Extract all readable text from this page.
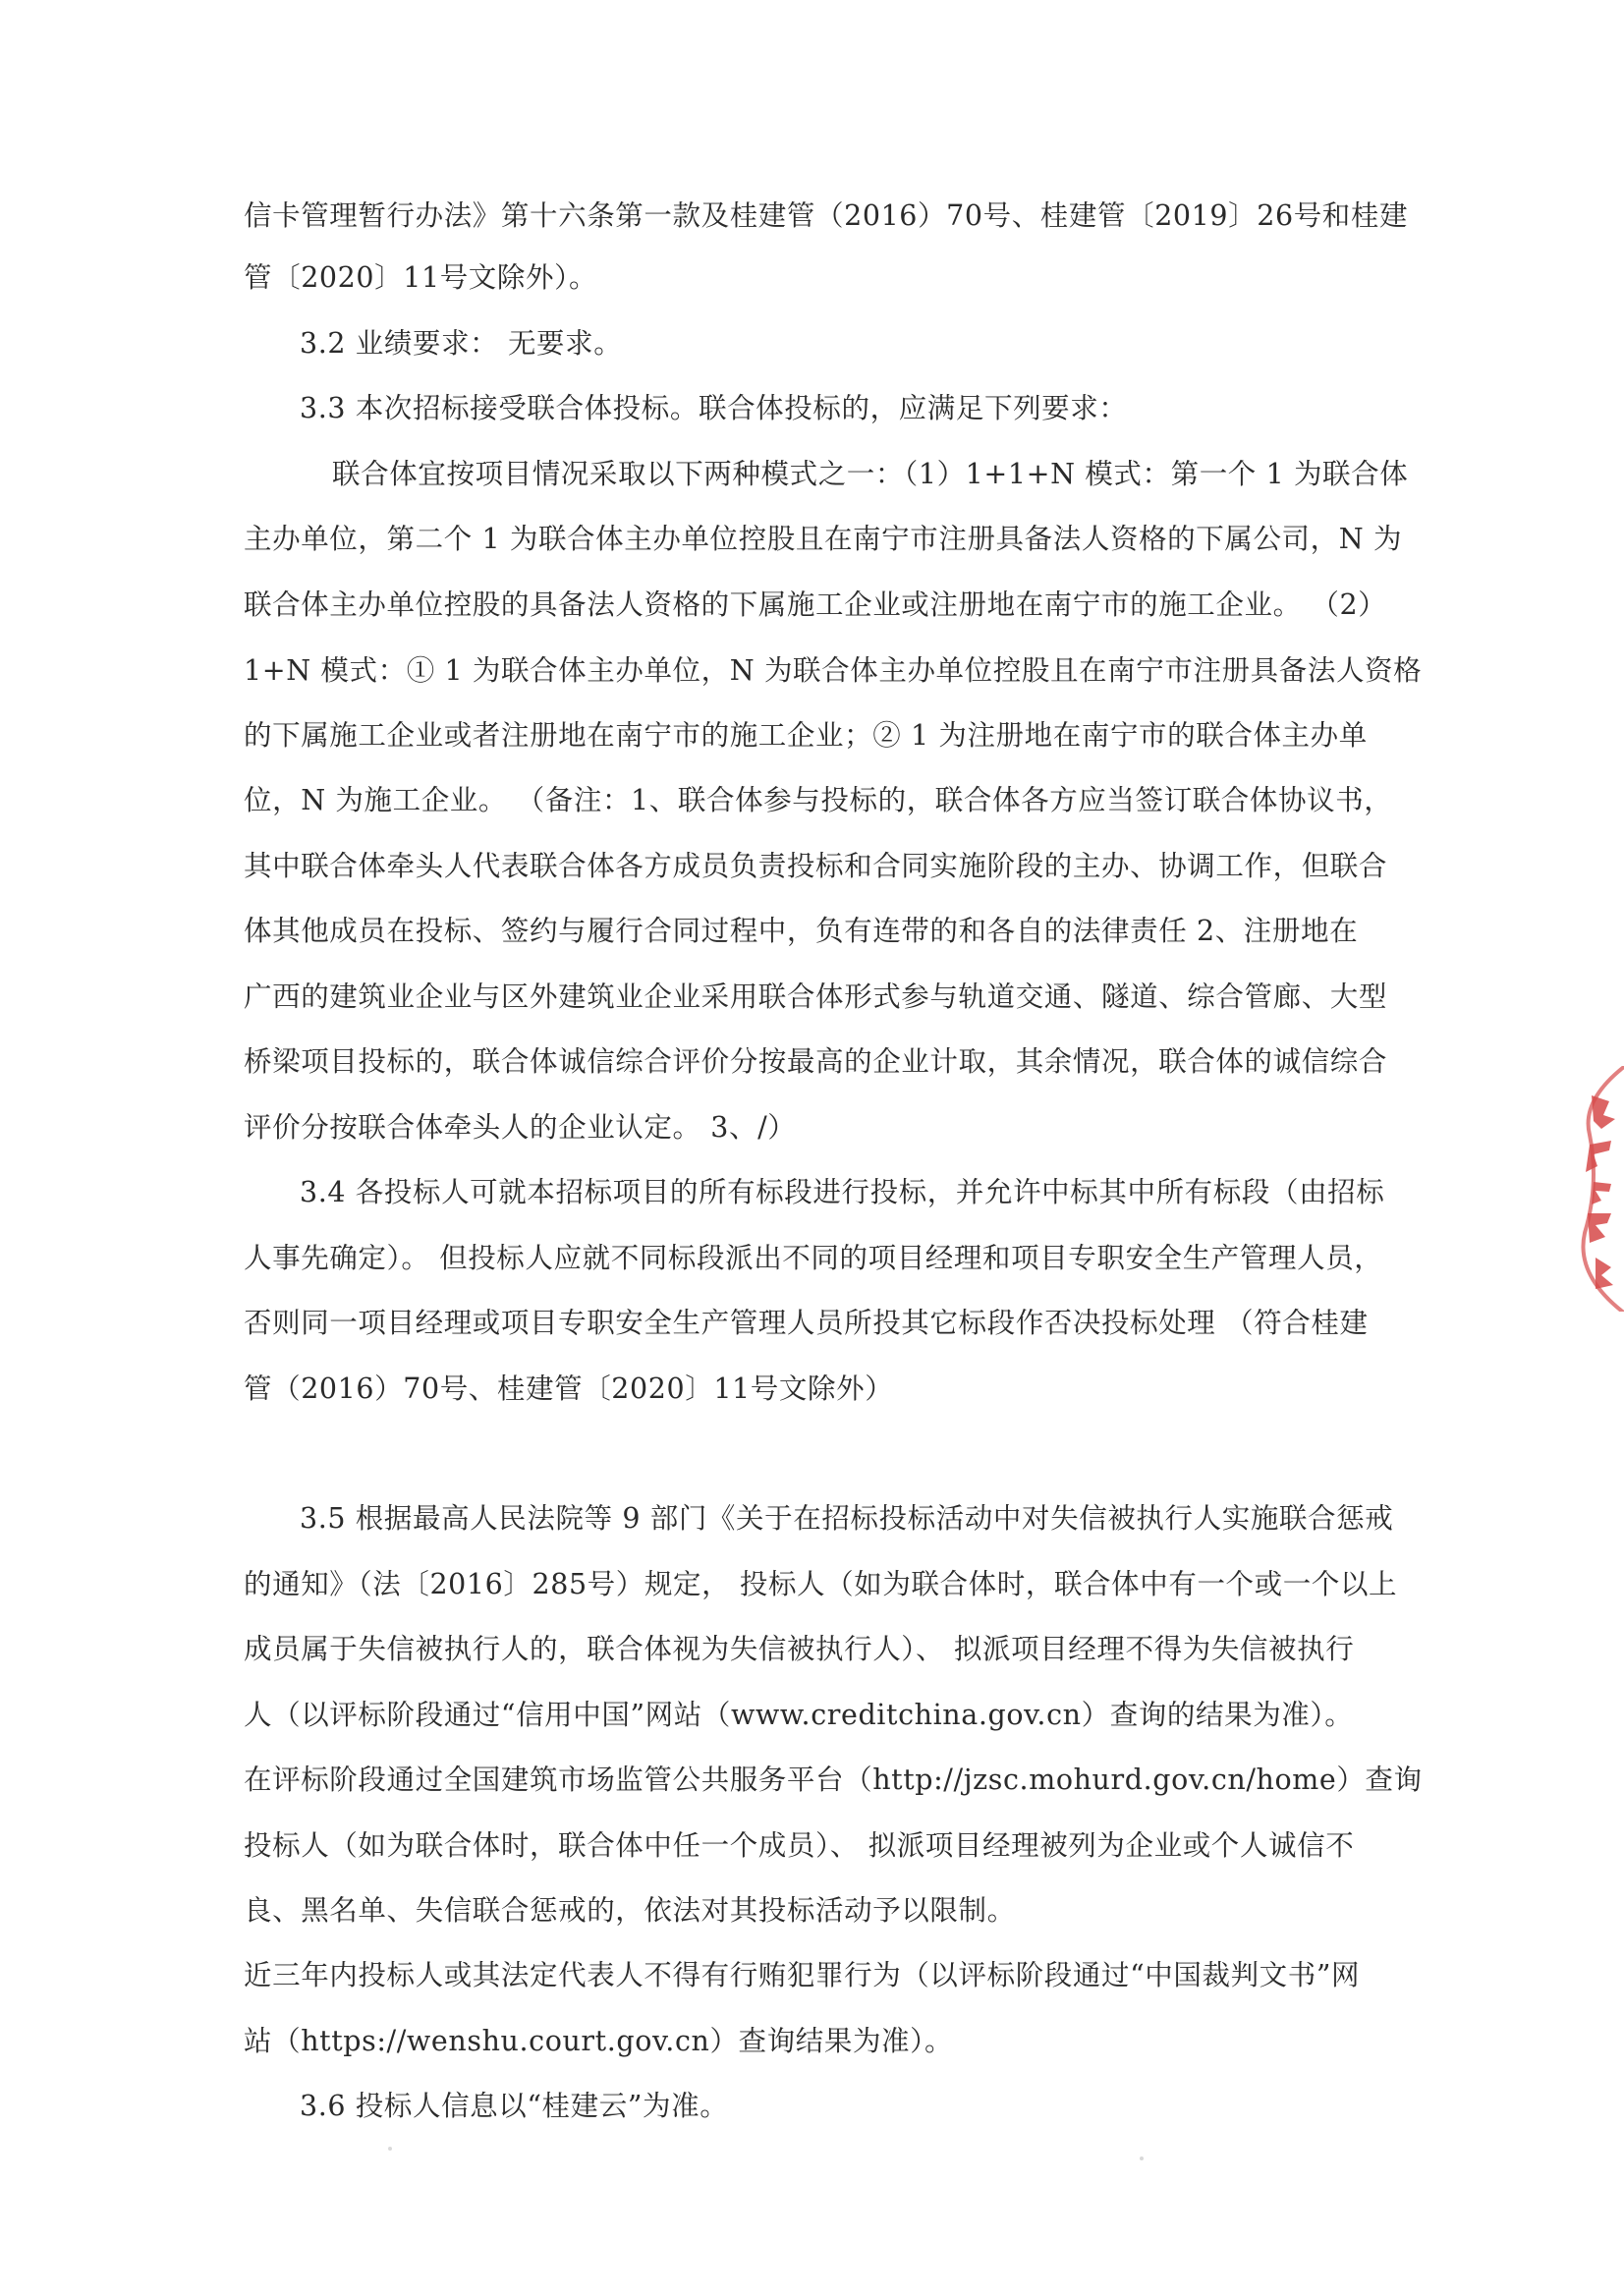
信卡管理暂行办法》第十六条第一款及桂建管（2016）70号、桂建管〔2019〕26号和桂建
管〔2020〕11号文除外）。
3.2 业绩要求： 无要求。
3.3 本次招标接受联合体投标。联合体投标的，应满足下列要求：
联合体宜按项目情况采取以下两种模式之一：（1）1+1+N 模式：第一个 1 为联合体
主办单位，第二个 1 为联合体主办单位控股且在南宁市注册具备法人资格的下属公司，N 为
联合体主办单位控股的具备法人资格的下属施工企业或注册地在南宁市的施工企业。 （2）
1+N 模式：① 1 为联合体主办单位，N 为联合体主办单位控股且在南宁市注册具备法人资格
的下属施工企业或者注册地在南宁市的施工企业；② 1 为注册地在南宁市的联合体主办单
位，N 为施工企业。 （备注：1、联合体参与投标的，联合体各方应当签订联合体协议书，
其中联合体牵头人代表联合体各方成员负责投标和合同实施阶段的主办、协调工作，但联合
体其他成员在投标、签约与履行合同过程中，负有连带的和各自的法律责任 2、注册地在
广西的建筑业企业与区外建筑业企业采用联合体形式参与轨道交通、隧道、综合管廊、大型
桥梁项目投标的，联合体诚信综合评价分按最高的企业计取，其余情况，联合体的诚信综合
评价分按联合体牵头人的企业认定。 3、/）
3.4 各投标人可就本招标项目的所有标段进行投标，并允许中标其中所有标段（由招标
人事先确定）。 但投标人应就不同标段派出不同的项目经理和项目专职安全生产管理人员，
否则同一项目经理或项目专职安全生产管理人员所投其它标段作否决投标处理 （符合桂建
管（2016）70号、桂建管〔2020〕11号文除外）
3.5 根据最高人民法院等 9 部门《关于在招标投标活动中对失信被执行人实施联合惩戒
的通知》（法〔2016〕285号）规定， 投标人（如为联合体时，联合体中有一个或一个以上
成员属于失信被执行人的，联合体视为失信被执行人）、 拟派项目经理不得为失信被执行
人（以评标阶段通过“信用中国”网站（www.creditchina.gov.cn）查询的结果为准）。
在评标阶段通过全国建筑市场监管公共服务平台（http://jzsc.mohurd.gov.cn/home）查询
投标人（如为联合体时，联合体中任一个成员）、 拟派项目经理被列为企业或个人诚信不
良、黑名单、失信联合惩戒的，依法对其投标活动予以限制。
近三年内投标人或其法定代表人不得有行贿犯罪行为（以评标阶段通过“中国裁判文书”网
站（https://wenshu.court.gov.cn）查询结果为准）。
3.6 投标人信息以“桂建云”为准。
